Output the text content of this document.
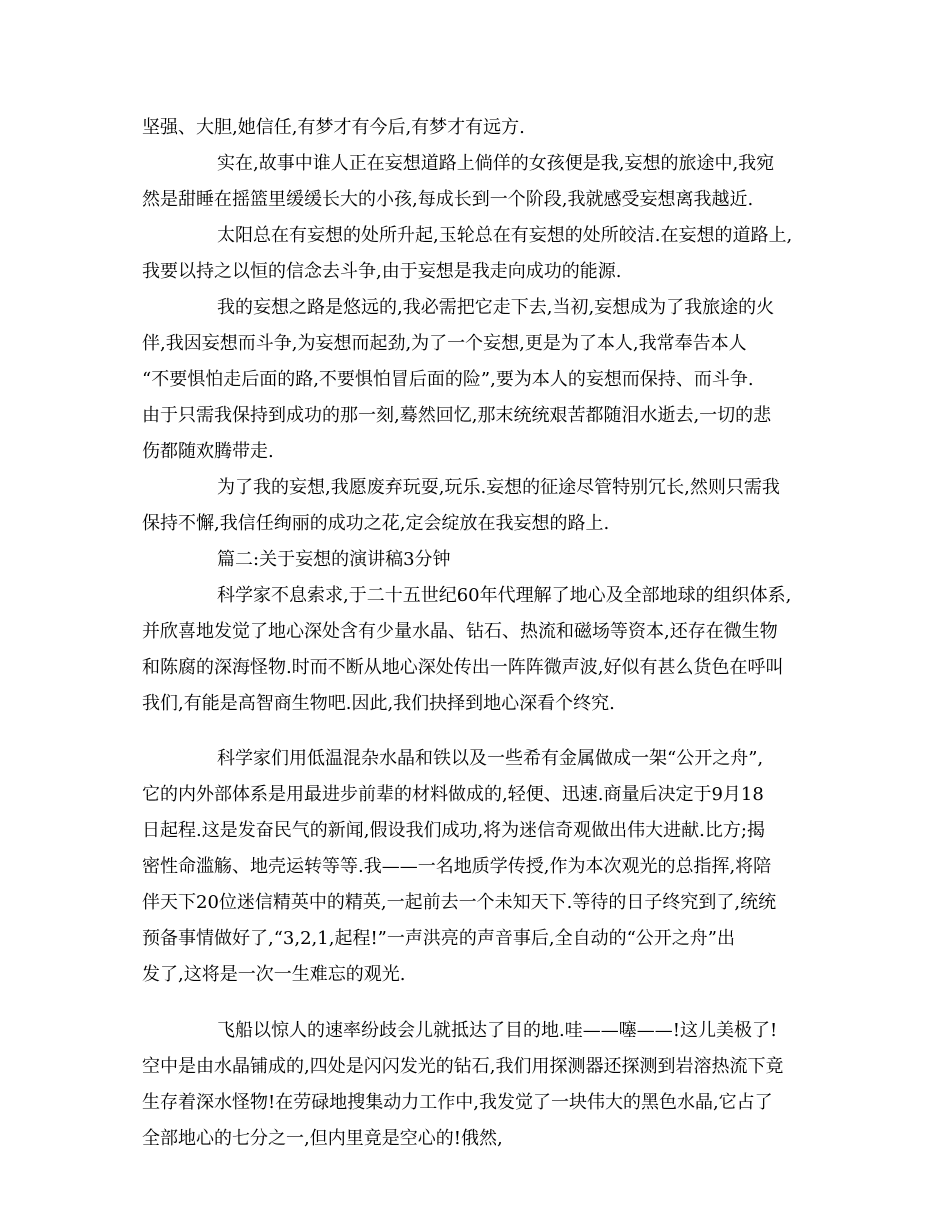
坚强、大胆,她信任,有梦才有今后,有梦才有远方.
实在,故事中谁人正在妄想道路上倘佯的女孩便是我,妄想的旅途中,我宛
然是甜睡在摇篮里缓缓长大的小孩,每成长到一个阶段,我就感受妄想离我越近.
太阳总在有妄想的处所升起,玉轮总在有妄想的处所皎洁.在妄想的道路上,
我要以持之以恒的信念去斗争,由于妄想是我走向成功的能源.
我的妄想之路是悠远的,我必需把它走下去,当初,妄想成为了我旅途的火
伴,我因妄想而斗争,为妄想而起劲,为了一个妄想,更是为了本人,我常奉告本人
“不要惧怕走后面的路,不要惧怕冒后面的险”,要为本人的妄想而保持、而斗争.
由于只需我保持到成功的那一刻,蓦然回忆,那末统统艰苦都随泪水逝去,一切的悲
伤都随欢腾带走.
为了我的妄想,我愿废弃玩耍,玩乐.妄想的征途尽管特别冗长,然则只需我
保持不懈,我信任绚丽的成功之花,定会绽放在我妄想的路上.
篇二:关于妄想的演讲稿3分钟
科学家不息索求,于二十五世纪60年代理解了地心及全部地球的组织体系,
并欣喜地发觉了地心深处含有少量水晶、钻石、热流和磁场等资本,还存在微生物
和陈腐的深海怪物.时而不断从地心深处传出一阵阵微声波,好似有甚么货色在呼叫
我们,有能是高智商生物吧.因此,我们抉择到地心深看个终究.
科学家们用低温混杂水晶和铁以及一些希有金属做成一架“公开之舟”,
它的内外部体系是用最进步前辈的材料做成的,轻便、迅速.商量后决定于9月18
日起程.这是发奋民气的新闻,假设我们成功,将为迷信奇观做出伟大进献.比方;揭
密性命滥觞、地壳运转等等.我——一名地质学传授,作为本次观光的总指挥,将陪
伴天下20位迷信精英中的精英,一起前去一个未知天下.等待的日子终究到了,统统
预备事情做好了,“3,2,1,起程!”一声洪亮的声音事后,全自动的“公开之舟”出
发了,这将是一次一生难忘的观光.
飞船以惊人的速率纷歧会儿就抵达了目的地.哇——噻——!这儿美极了!
空中是由水晶铺成的,四处是闪闪发光的钻石,我们用探测器还探测到岩溶热流下竟
生存着深水怪物!在劳碌地搜集动力工作中,我发觉了一块伟大的黑色水晶,它占了
全部地心的七分之一,但内里竟是空心的!俄然,
